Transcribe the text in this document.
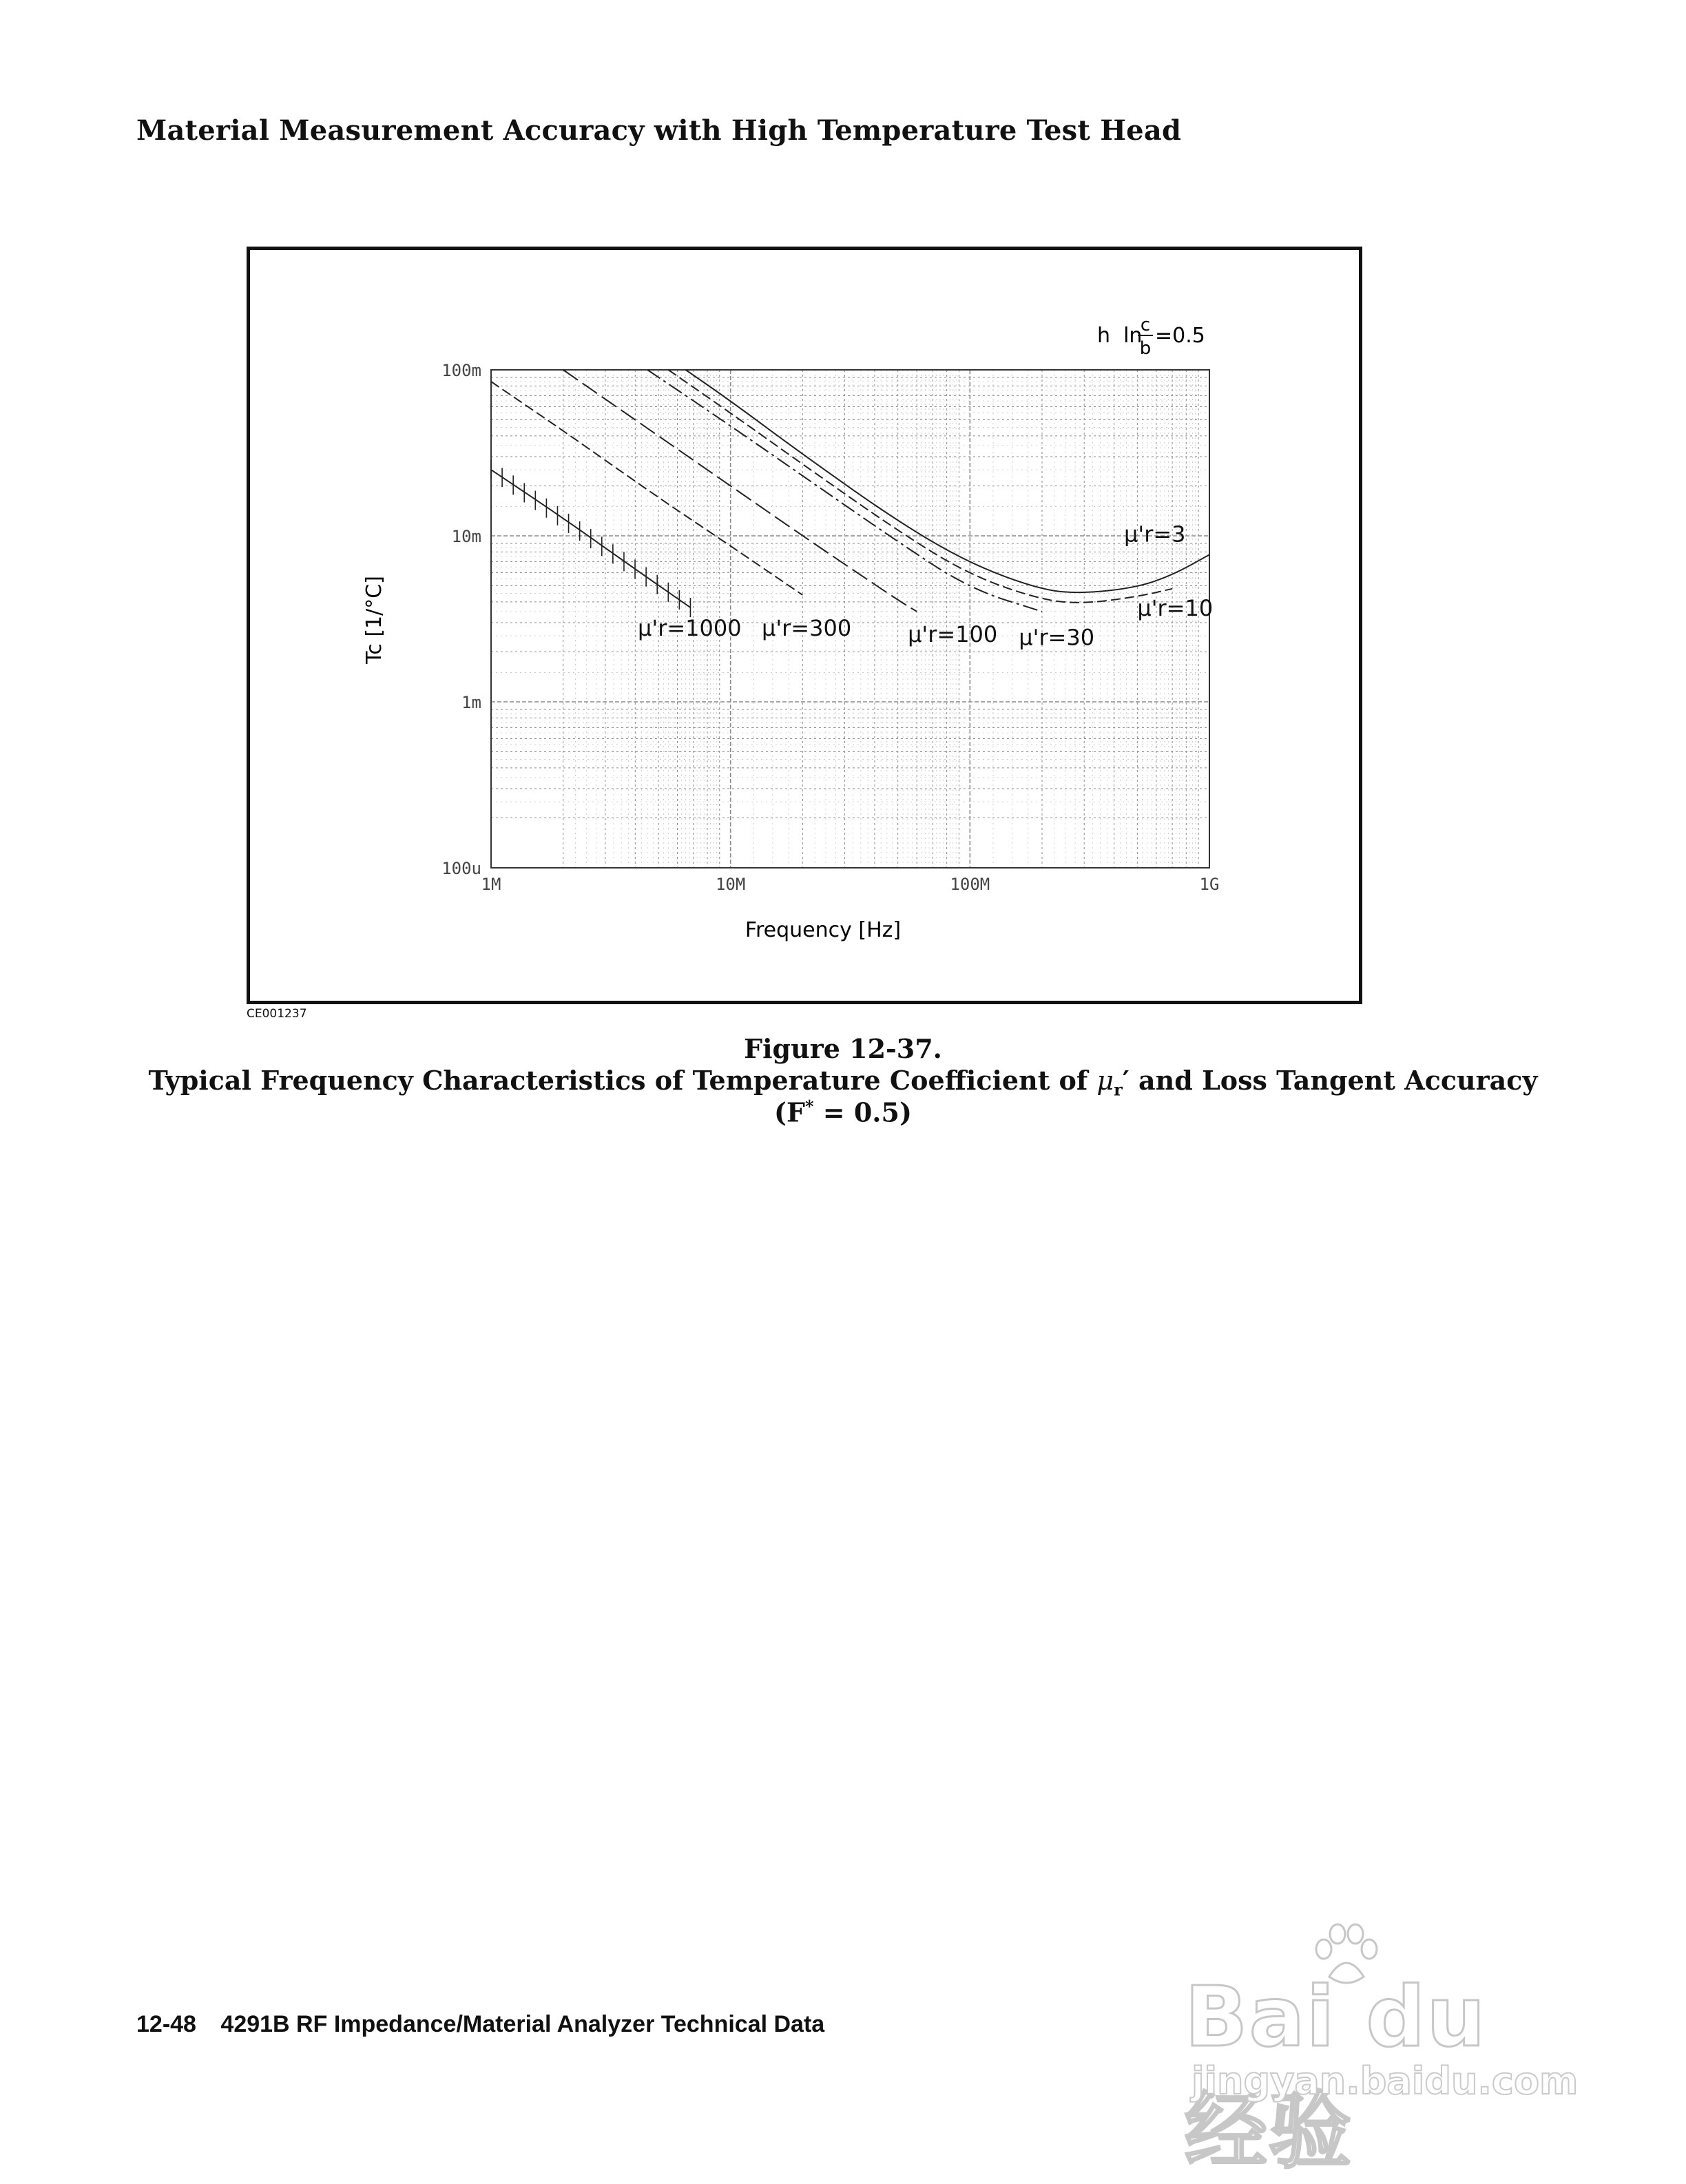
Material Measurement Accuracy with High Temperature Test Head
100m
10m
1m
100u
1M	10M	100M	1G
μ'r=3
μ'r=10
μ'r=30
μ'r=100
μ'r=300
μ'r=1000
Frequency [Hz]
Tc [1/°C]
h  ln
c
b
=0.5
CE001237
Figure 12-37.
Typical Frequency Characteristics of Temperature Coefficient of $\mu_r'$ and Loss Tangent Accuracy
(F* = 0.5)
12-48 4291B RF Impedance/Material Analyzer Technical Data	Bai du 经验
jingyan.baidu.com
